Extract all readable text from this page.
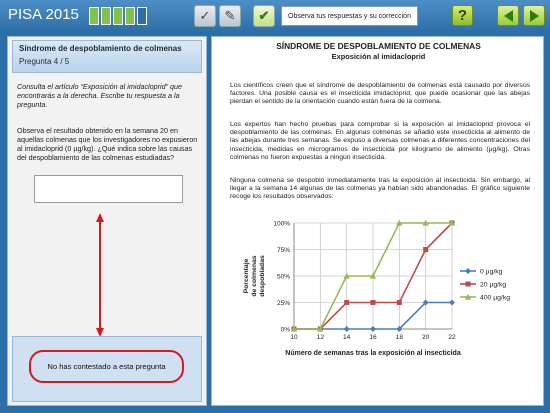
PISA 2015	✔
✓	✎	Observa tus respuestas y su corrección	?
Síndrome de despoblamiento de colmenas
Pregunta 4 / 5
Consulta el artículo “Exposición al imidacloprid” que encontrarás a la derecha. Escribe tu respuesta a la pregunta.
Observa el resultado obtenido en la semana 20 en aquellas colmenas que los investigadores no expusieron al imidacloprid (0 µg/kg). ¿Qué indica sobre las causas del despoblamiento de las colmenas estudiadas?
No has contestado a esta pregunta
SÍNDROME DE DESPOBLAMIENTO DE COLMENAS
Exposición al imidacloprid
Los científicos creen que el síndrome de despoblamiento de colmenas está causado por diversos factores. Una posible causa es el insecticida imidacloprid, que puede ocasionar que las abejas pierdan el sentido de la orientación cuando están fuera de la colmena.
Los expertos han hecho pruebas para comprobar si la exposición al imidacloprid provoca el despoblamiento de las colmenas. En algunas colmenas se añadió este insecticida al alimento de las abejas durante tres semanas. Se expuso a diversas colmenas a diferentes concentraciones del insecticida, medidas en microgramos de insecticida por kilogramo de alimento (µg/kg). Otras colmenas no fueron expuestas a ningún insecticida.
Ninguna colmena se despobló inmediatamente tras la exposición al insecticida. Sin embargo, al llegar a la semana 14 algunas de las colmenas ya habían sido abandonadas. El gráfico siguiente recoge los resultados observados:
0%
25%
50%
75%
100%
10	12	14	16	18	20	22
0 µg/kg
20 µg/kg
400 µg/kg
Porcentajede colmenasdespobladas
Número de semanas tras la exposición al insecticida
